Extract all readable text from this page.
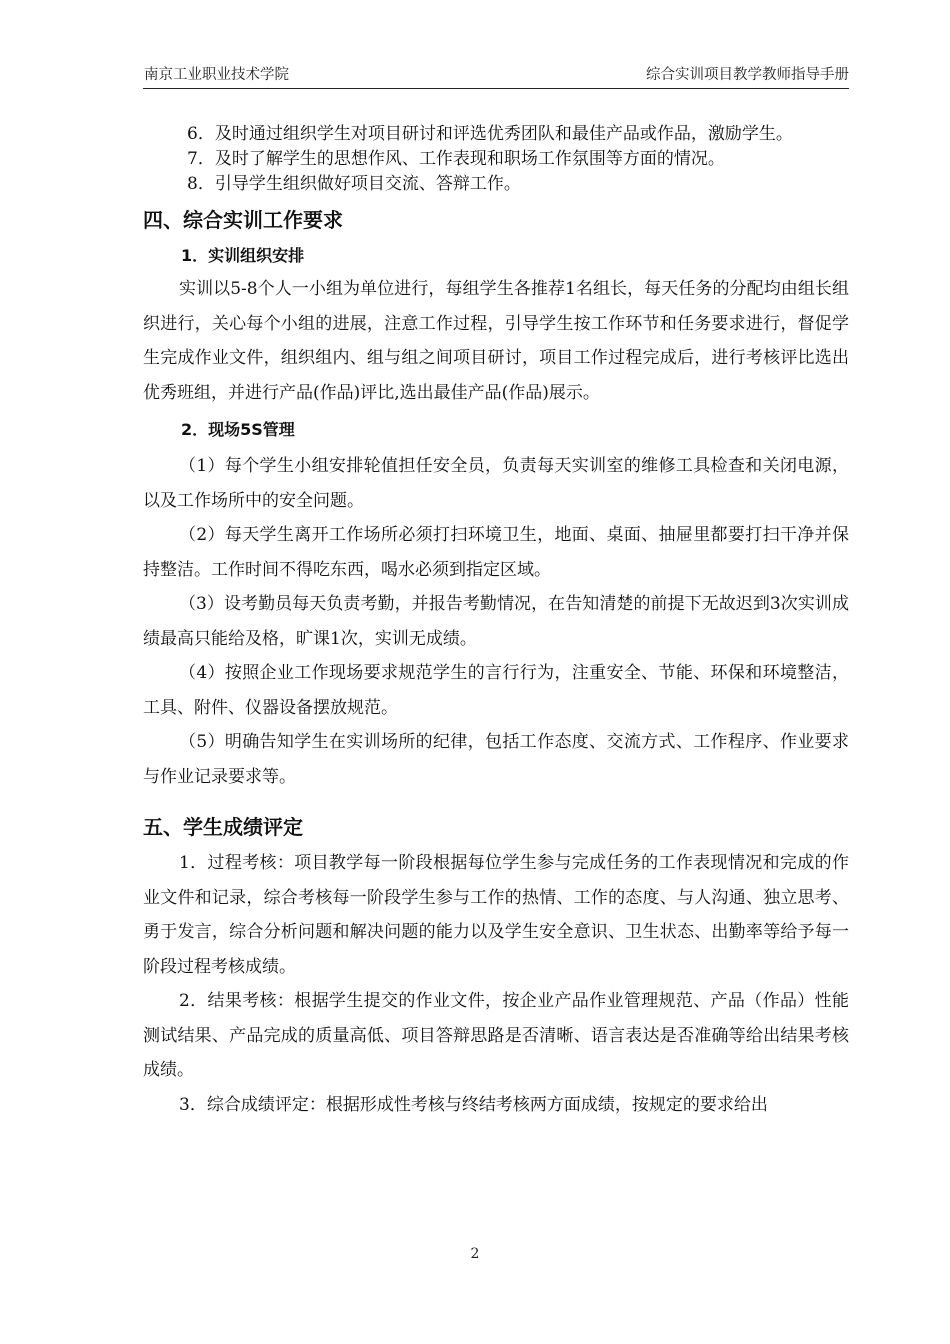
南京工业职业技术学院	综合实训项目教学教师指导手册

6．及时通过组织学生对项目研讨和评选优秀团队和最佳产品或作品，激励学生。

7．及时了解学生的思想作风、工作表现和职场工作氛围等方面的情况。

8．引导学生组织做好项目交流、答辩工作。

四、综合实训工作要求

1．实训组织安排

实训以5-8个人一小组为单位进行，每组学生各推荐1名组长，每天任务的分配均由组长组织进行，关心每个小组的进展，注意工作过程，引导学生按工作环节和任务要求进行，督促学生完成作业文件，组织组内、组与组之间项目研讨，项目工作过程完成后，进行考核评比选出优秀班组，并进行产品(作品)评比,选出最佳产品(作品)展示。

2．现场5S管理

（1）每个学生小组安排轮值担任安全员，负责每天实训室的维修工具检查和关闭电源，以及工作场所中的安全问题。

（2）每天学生离开工作场所必须打扫环境卫生，地面、桌面、抽屉里都要打扫干净并保持整洁。工作时间不得吃东西，喝水必须到指定区域。

（3）设考勤员每天负责考勤，并报告考勤情况，在告知清楚的前提下无故迟到3次实训成绩最高只能给及格，旷课1次，实训无成绩。

（4）按照企业工作现场要求规范学生的言行行为，注重安全、节能、环保和环境整洁，工具、附件、仪器设备摆放规范。

（5）明确告知学生在实训场所的纪律，包括工作态度、交流方式、工作程序、作业要求与作业记录要求等。

五、学生成绩评定

1．过程考核：项目教学每一阶段根据每位学生参与完成任务的工作表现情况和完成的作业文件和记录，综合考核每一阶段学生参与工作的热情、工作的态度、与人沟通、独立思考、勇于发言，综合分析问题和解决问题的能力以及学生安全意识、卫生状态、出勤率等给予每一阶段过程考核成绩。

2．结果考核：根据学生提交的作业文件，按企业产品作业管理规范、产品（作品）性能测试结果、产品完成的质量高低、项目答辩思路是否清晰、语言表达是否准确等给出结果考核成绩。

3．综合成绩评定：根据形成性考核与终结考核两方面成绩，按规定的要求给出

2
